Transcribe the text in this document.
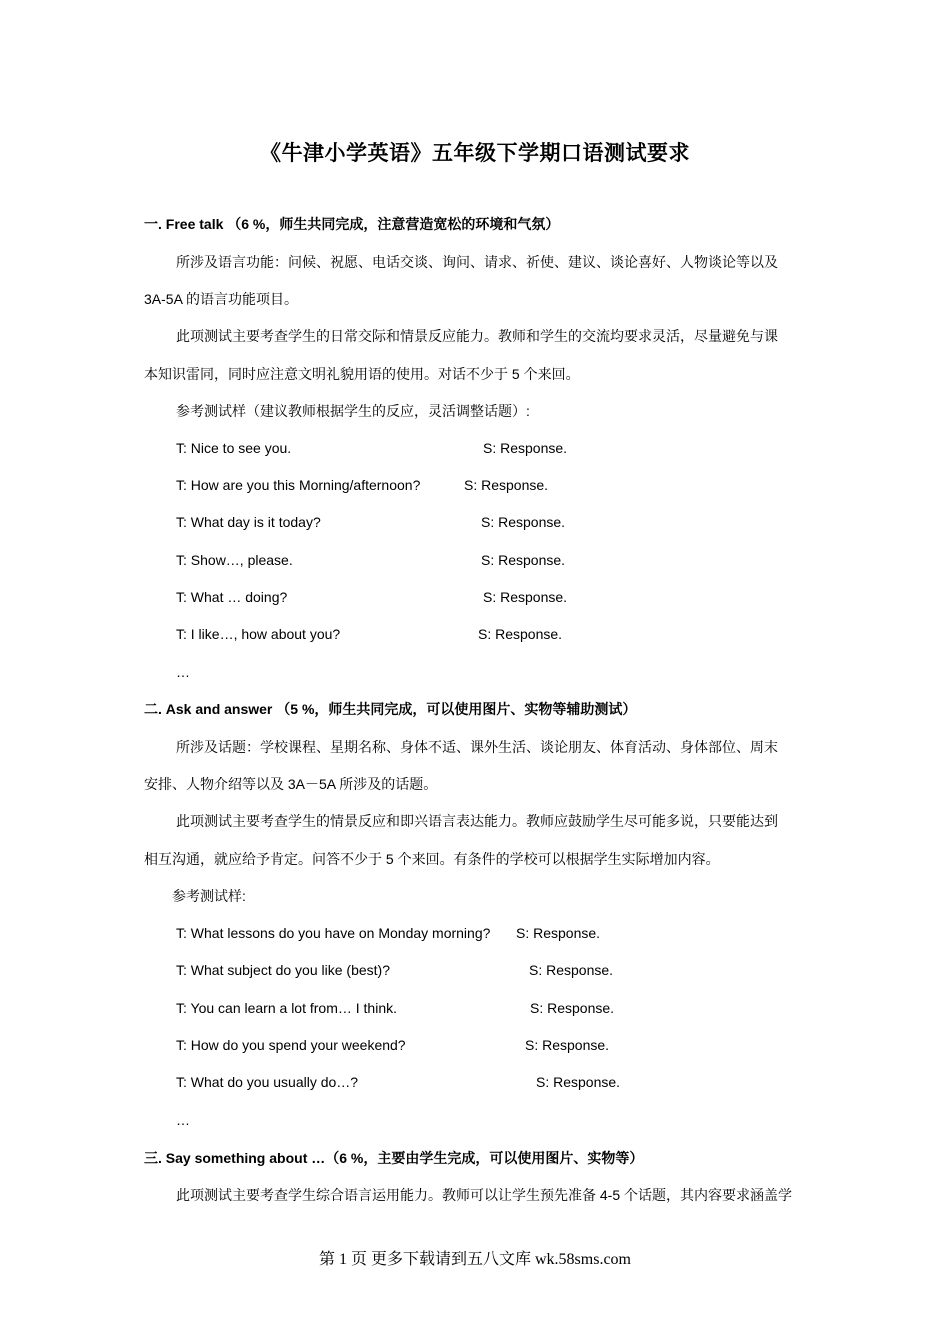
《牛津小学英语》五年级下学期口语测试要求
一. Free talk （6 %，师生共同完成，注意营造宽松的环境和气氛）
所涉及语言功能：问候、祝愿、电话交谈、询问、请求、祈使、建议、谈论喜好、人物谈论等以及
3A-5A 的语言功能项目。
此项测试主要考查学生的日常交际和情景反应能力。教师和学生的交流均要求灵活，尽量避免与课
本知识雷同，同时应注意文明礼貌用语的使用。对话不少于 5 个来回。
参考测试样（建议教师根据学生的反应，灵活调整话题）:
T: Nice to see you.	S: Response.
T: How are you this Morning/afternoon?	S: Response.
T: What day is it today?	S: Response.
T: Show…, please.	S: Response.
T: What … doing?	S: Response.
T: I like…, how about you?	S: Response.
…
二. Ask and answer （5 %，师生共同完成，可以使用图片、实物等辅助测试）
所涉及话题：学校课程、星期名称、身体不适、课外生活、谈论朋友、体育活动、身体部位、周末
安排、人物介绍等以及 3A－5A 所涉及的话题。
此项测试主要考查学生的情景反应和即兴语言表达能力。教师应鼓励学生尽可能多说，只要能达到
相互沟通，就应给予肯定。问答不少于 5 个来回。有条件的学校可以根据学生实际增加内容。
参考测试样:
T: What lessons do you have on Monday morning? S: Response.
T: What subject do you like (best)?	S: Response.
T: You can learn a lot from… I think.	S: Response.
T: How do you spend your weekend?	S: Response.
T: What do you usually do…?	S: Response.
…
三. Say something about …（6 %，主要由学生完成，可以使用图片、实物等）
此项测试主要考查学生综合语言运用能力。教师可以让学生预先准备 4-5 个话题，其内容要求涵盖学
第 1 页 更多下载请到五八文库 wk.58sms.com
